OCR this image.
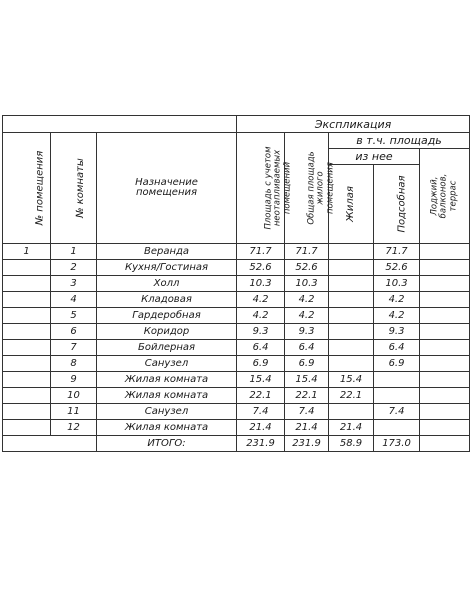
			Экспликация				
№ помещения	№ комнаты	Назначение
помещения	Площадь с учетом неотапливаемых помещений	Общая площадь жилого помещения	в т.ч. площадь		
					из нее		Лоджий, балконов, террас

					Жилая	Подсобная	
1	1	Веранда	71.7	71.7		71.7	
	2	Кухня/Гостиная	52.6	52.6		52.6	
	3	Холл	10.3	10.3		10.3	
	4	Кладовая	4.2	4.2		4.2	
	5	Гардеробная	4.2	4.2		4.2	
	6	Коридор	9.3	9.3		9.3	
	7	Бойлерная	6.4	6.4		6.4	
	8	Санузел	6.9	6.9		6.9	
	9	Жилая комната	15.4	15.4	15.4		
	10	Жилая комната	22.1	22.1	22.1		
	11	Санузел	7.4	7.4		7.4	
	12	Жилая комната	21.4	21.4	21.4		
		ИТОГО:	231.9	231.9	58.9	173.0	
